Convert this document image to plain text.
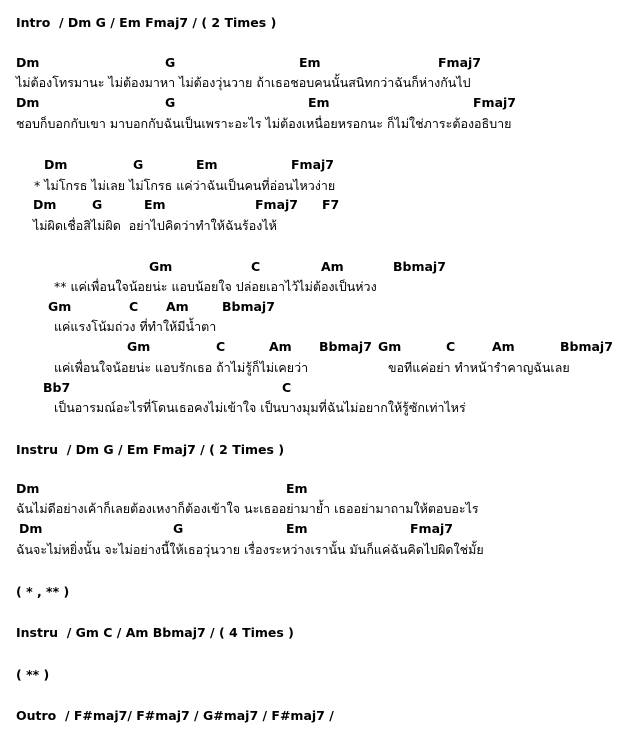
Intro  / Dm G / Em Fmaj7 / ( 2 Times )
ไม่ต้องโทรมานะ ไม่ต้องมาหา ไม่ต้องวุ่นวาย ถ้าเธอชอบคนนั้นสนิทกว่าฉันก็ห่างกันไป
ชอบก็บอกกับเขา มาบอกกับฉันเป็นเพราะอะไร ไม่ต้องเหนื่อยหรอกนะ ก็ไม่ใช่ภาระต้องอธิบาย
* ไม่โกรธ ไม่เลย ไม่โกรธ แค่ว่าฉันเป็นคนที่อ่อนไหวง่าย
ไม่ผิดเชื่อสิไม่ผิด  อย่าไปคิดว่าทำให้ฉันร้องไห้
** แค่เพื่อนใจน้อยน่ะ แอบน้อยใจ ปล่อยเอาไว้ไม่ต้องเป็นห่วง
แค่แรงโน้มถ่วง ที่ทำให้มีน้ำตา
แค่เพื่อนใจน้อยน่ะ แอบรักเธอ ถ้าไม่รู้ก็ไม่เคยว่า	ขอทีแค่อย่า ทำหน้ารำคาญฉันเลย
เป็นอารมณ์อะไรที่โดนเธอคงไม่เข้าใจ เป็นบางมุมที่ฉันไม่อยากให้รู้ซักเท่าไหร่
Instru  / Dm G / Em Fmaj7 / ( 2 Times )
ฉันไม่ดีอย่างเค้าก็เลยต้องเหงาก็ต้องเข้าใจ นะเธออย่ามาย้ำ เธออย่ามาถามให้ตอบอะไร
ฉันจะไม่หยิ่งนั้น จะไม่อย่างนี้ให้เธอวุ่นวาย เรื่องระหว่างเรานั้น มันก็แค่ฉันคิดไปผิดใช่มั้ย
( * , ** )
Instru  / Gm C / Am Bbmaj7 / ( 4 Times )
( ** )
Outro  / F#maj7/ F#maj7 / G#maj7 / F#maj7 /
Dm	G	Em	Fmaj7
Dm	G	Em	Fmaj7
Dm	G	Em	Fmaj7
Dm	G	Em	Fmaj7 F7
Gm	C	Am	Bbmaj7
Gm	C Am	Bbmaj7
Gm	C	Am Bbmaj7 Gm	C	Am	Bbmaj7
Bb7	C
Dm	Em
Dm	G	Em	Fmaj7
